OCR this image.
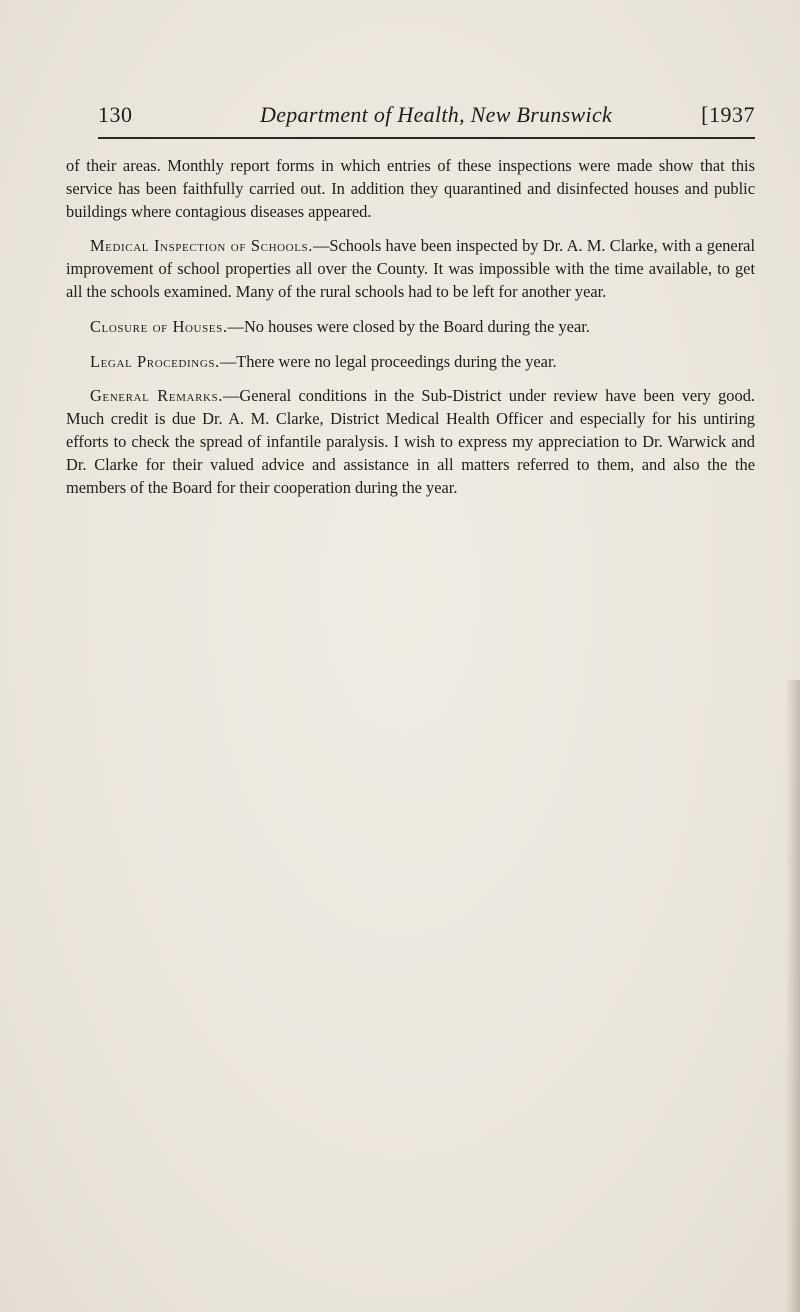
130	Department of Health, New Brunswick	[1937

of their areas. Monthly report forms in which entries of these inspections were made show that this service has been faithfully carried out. In addition they quarantined and disinfected houses and public buildings where contagious diseases appeared.

Medical Inspection of Schools.—Schools have been inspected by Dr. A. M. Clarke, with a general improvement of school properties all over the County. It was impossible with the time available, to get all the schools examined. Many of the rural schools had to be left for another year.

Closure of Houses.—No houses were closed by the Board during the year.

Legal Procedings.—There were no legal proceedings during the year.

General Remarks.—General conditions in the Sub-District under review have been very good. Much credit is due Dr. A. M. Clarke, District Medical Health Officer and especially for his untiring efforts to check the spread of infantile paralysis. I wish to express my appreciation to Dr. Warwick and Dr. Clarke for their valued advice and assistance in all matters referred to them, and also the the members of the Board for their cooperation during the year.
